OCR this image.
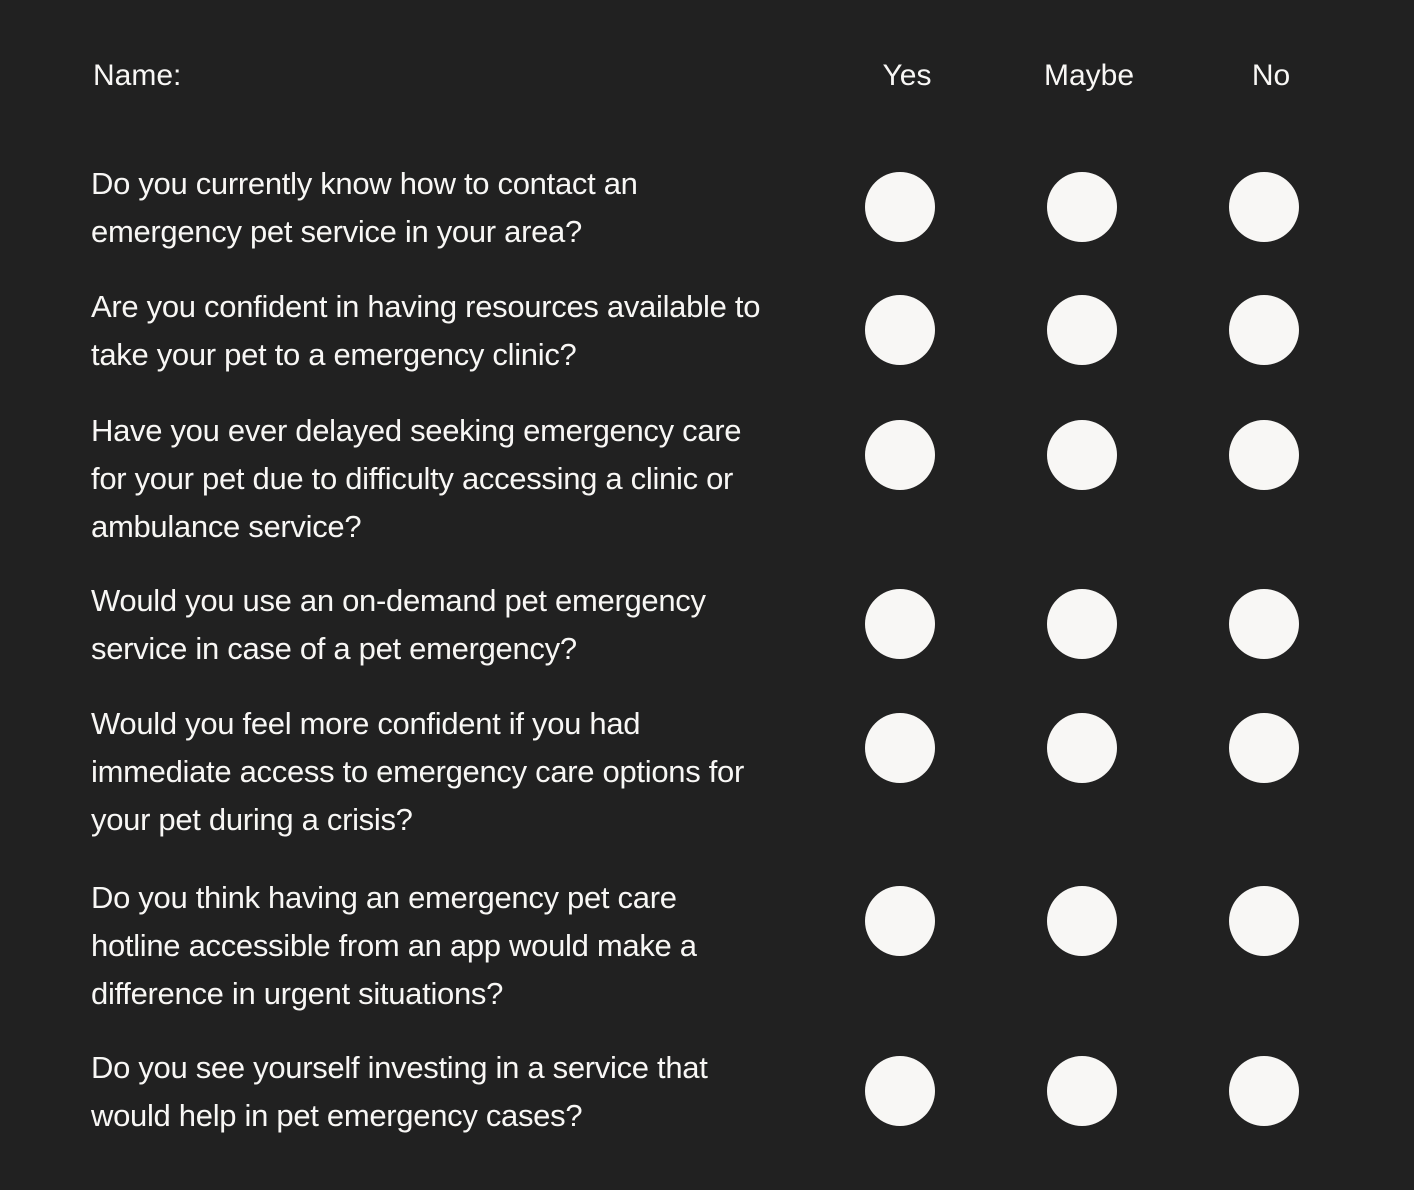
Name:	Yes	Maybe	No
Do you currently know how to contact an
emergency pet service in your area?
Are you confident in having resources available to
take your pet to a emergency clinic?
Have you ever delayed seeking emergency care
for your pet due to difficulty accessing a clinic or
ambulance service?
Would you use an on-demand pet emergency
service in case of a pet emergency?
Would you feel more confident if you had
immediate access to emergency care options for
your pet during a crisis?
Do you think having an emergency pet care
hotline accessible from an app would make a
difference in urgent situations?
Do you see yourself investing in a service that
would help in pet emergency cases?
